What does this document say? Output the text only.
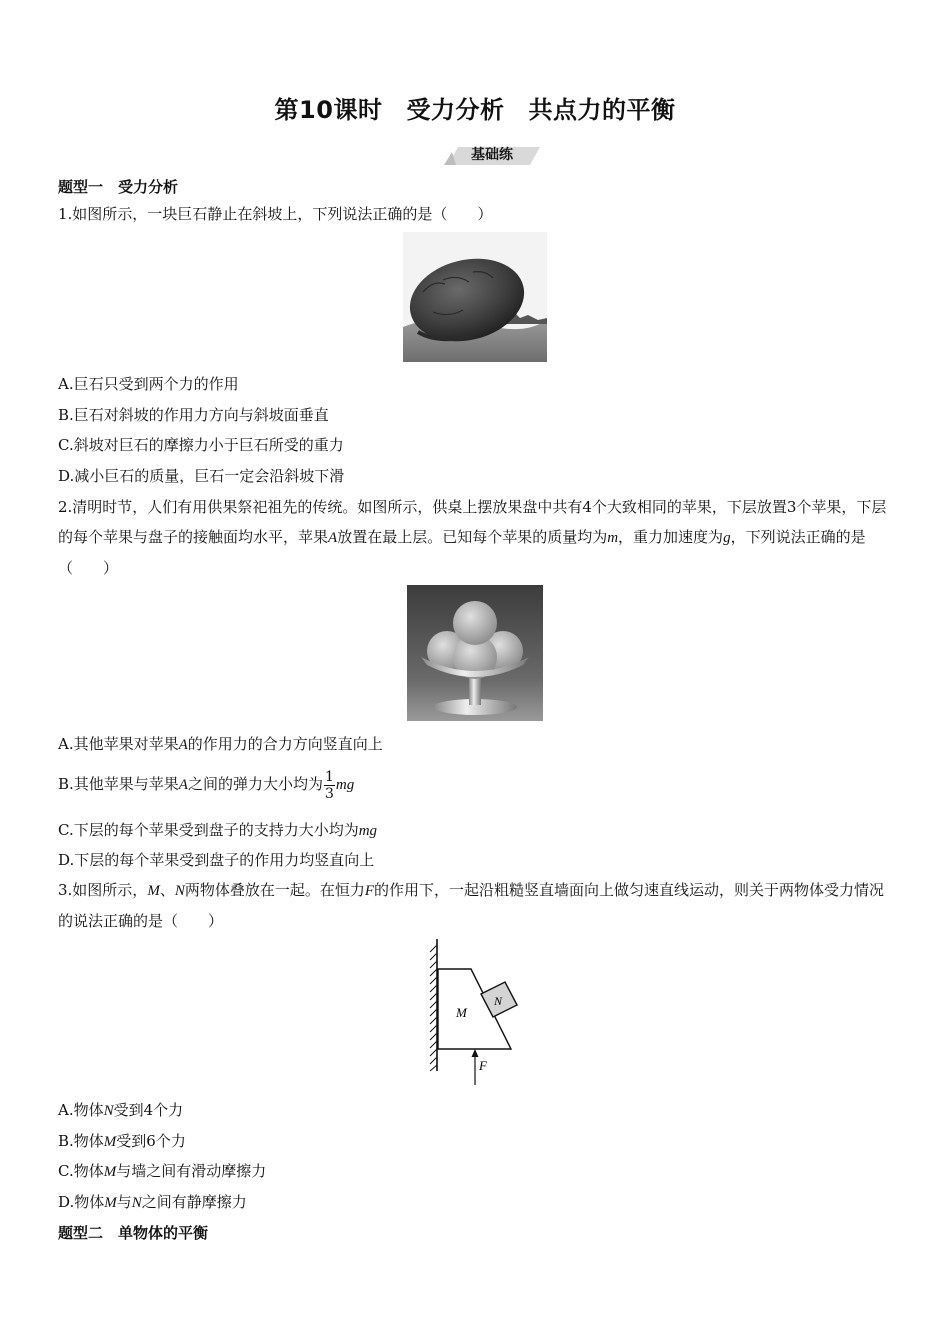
第10课时 受力分析 共点力的平衡
基础练
题型一　受力分析
1.如图所示，一块巨石静止在斜坡上，下列说法正确的是（　　）
A.巨石只受到两个力的作用
B.巨石对斜坡的作用力方向与斜坡面垂直
C.斜坡对巨石的摩擦力小于巨石所受的重力
D.减小巨石的质量，巨石一定会沿斜坡下滑
2.清明时节，人们有用供果祭祀祖先的传统。如图所示，供桌上摆放果盘中共有4个大致相同的苹果，下层放置3个苹果，下层的每个苹果与盘子的接触面均水平，苹果A放置在最上层。已知每个苹果的质量均为m，重力加速度为g，下列说法正确的是（　　）
A.其他苹果对苹果A的作用力的合力方向竖直向上
B.其他苹果与苹果A之间的弹力大小均为 $\frac{1}{3}$ mg
C.下层的每个苹果受到盘子的支持力大小均为mg
D.下层的每个苹果受到盘子的作用力均竖直向上
3.如图所示，M、N两物体叠放在一起。在恒力F的作用下，一起沿粗糙竖直墙面向上做匀速直线运动，则关于两物体受力情况的说法正确的是（　　）
M
N
F
A.物体N受到4个力
B.物体M受到6个力
C.物体M与墙之间有滑动摩擦力
D.物体M与N之间有静摩擦力
题型二　单物体的平衡
